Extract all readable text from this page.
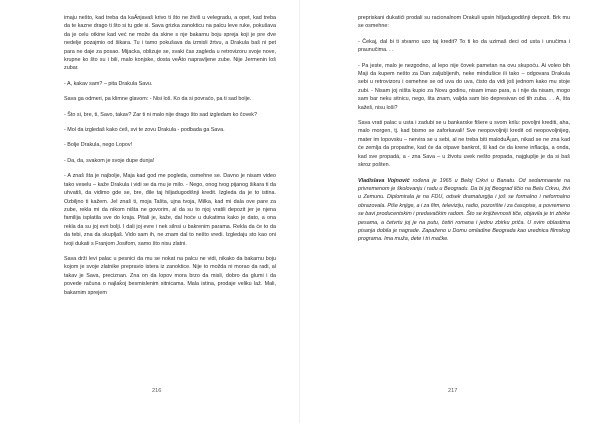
imaju nešto, kad treba da kaÄnjavaš krivo ti što ne živiš u velegradu, a opet, kad treba da te kazne drago ti što si tu gde si. Sava grizka zanokticu na palcu leve ruke, pokušava da je celu otkine kad već ne može da skine s nje bakarnu boju spreja koji je pre dve nedelje pozajmio od šikara. Tu i tamo pokušava da izmisli žrtvu, a Drakula baš ni pet para ne daje za posao. Mijacka, oblizuje se, svaki čas zagleda u retrovizoru svoje nove, krupne ko što su i bili, malo konjske, dosta veÄto napravljene zube. Nije Jermenin loš zubar.

- A, kakav sam? – pita Drakula Savu.

Sava ga odmeri, pa klimne glavom: - Nisi loš. Ko da si povraćo, pa ti sad bolje.

- Što si, bre, ti, Savo, takav? Zar ti ni malo nije drago što sad izgledam ko čovek?

- Mol da izgledaš kako ćeš, svi te zovu Drakula - podbada ga Sava.

- Bolje Drakula, nego Lopov!

- Da, da, svakom je svoje dupe dunja!

- A znaš šta je najbolje, Maja kad god me pogleda, osmehne se. Davno je nisam video tako veselu – kaže Drakula i vidi se da mu je milo. - Nego, onog tvog pijanog šikara ti da uhvatiš, da vidimo gde se, bre, đile taj hiljadugodišnji kredit. Izgleda da je to istina. Ozbiljno ti kažem. Jel znaš ti, moja Tašta, ujna tvoja, Milka, kad mi dala ove pare za zube, rekla mi da nikom ništa ne govorim, al da su to njoj vratili depozit jer je njena familija isplatila sve do kraja. Pitali je, kaže, dal hoće u dukatima kako je dato, a ona rekla da su joj evri bolji. I dali joj evre i nek silnsi u bakrenim parama. Rekla da će to da da tebi, zna da skupljaš. Vido sam ih, ne znam dal to nešto vredi. Izgledaju sto kao oni tvoji dukati s Franjom Josifom, samo što nisu zlatni.

Sava drži levi palac u pesnici da mu se nokat na palcu ne vidi, nikako da bakarnu boju kojom je svoje zlatnike prepravio istera iz zanoktice. Nije to možda ni moraо da radi, al takav je Sava, preciznan. Zna on da lopov mora brzo da misli, dobro da glumi i da povede računa o najlaḱoj besmislenim sitnicama. Mala istina, prodaje veliku laž. Mali, bakarnim sprejem

216

prepriskani dukatići prodali su racionalnom Drakuli upsin hiljadugodišnji depozit. Brk mu se osmehne:

- Čekaj, dal bi ti stvarno uzo taj kredit? To ti ko da uzimaš deci od usta i unučima i praunučima. . .

- Pa jeste, malo je nezgodno, al lepo nije čovek pametan na ovu skupoću. Ai voleo bih Maji da kupem nešto za Dan zaljubljenih, neke minđušice ili tako – odgovara Drakula sebi u retrovizoru i osmehne se od uva do uva, čisto da vidi još jednom kako mu stoje zubi. - Nisam joj ništa kupio za Novu godinu, nisam imao para, a i nije da nisam, mogo sam bar neku sitnicu, nego, šta znam, valjda sam bio depresivan od tih zuba. . . A, šta kažeš, nisu loši?

Sava vrati palac u usta i zadubi se u bankarske fišere u svom krilu: povoljni krediti, aha, malo morgen, tj. kad bismo se zaforkavali! Sve neopovoljniji kredit od neopovoljnijeg, mater im lopovsku – nervira se u sebi, al ne treba biti maloduÅ¡an, nikad se ne zna kad će zemlja da propadne, kad će da otpave bankrot, šl kad će da krene inflacija, a onda, kad sve propadá, a - zna Sava – u životu uvek nešto propada, najgluplje je da si baš skroz pošten.

Vladislava Vojnović rođena je 1965 u Beloj Crkvi u Banatu. Od sedamnaeste na privremenom je školovanju i radu u Beogradu. Da bi joj Beograd ličio na Belu Crkvu, živi u Zemunu. Diplomirala je na FDU, odsek dramaturgija i još se formalno i neformalno obrazovala. Piše knjige, a i za film, televiziju, radio, pozorište i za časopise, a povremeno se bavi producentskim i predavačkim radom. Što se književnosti tiče, objavila je tri zbirke pesama, a četvrtu joj je na putu, četiri romana i jednu zbirku priča. U svim oblastima pisanja dobila je nagrade. Zapaženo u Domu omladine Beograda kao urednica filmskog programa. Ima mužа, dete i tri mačke.

217
